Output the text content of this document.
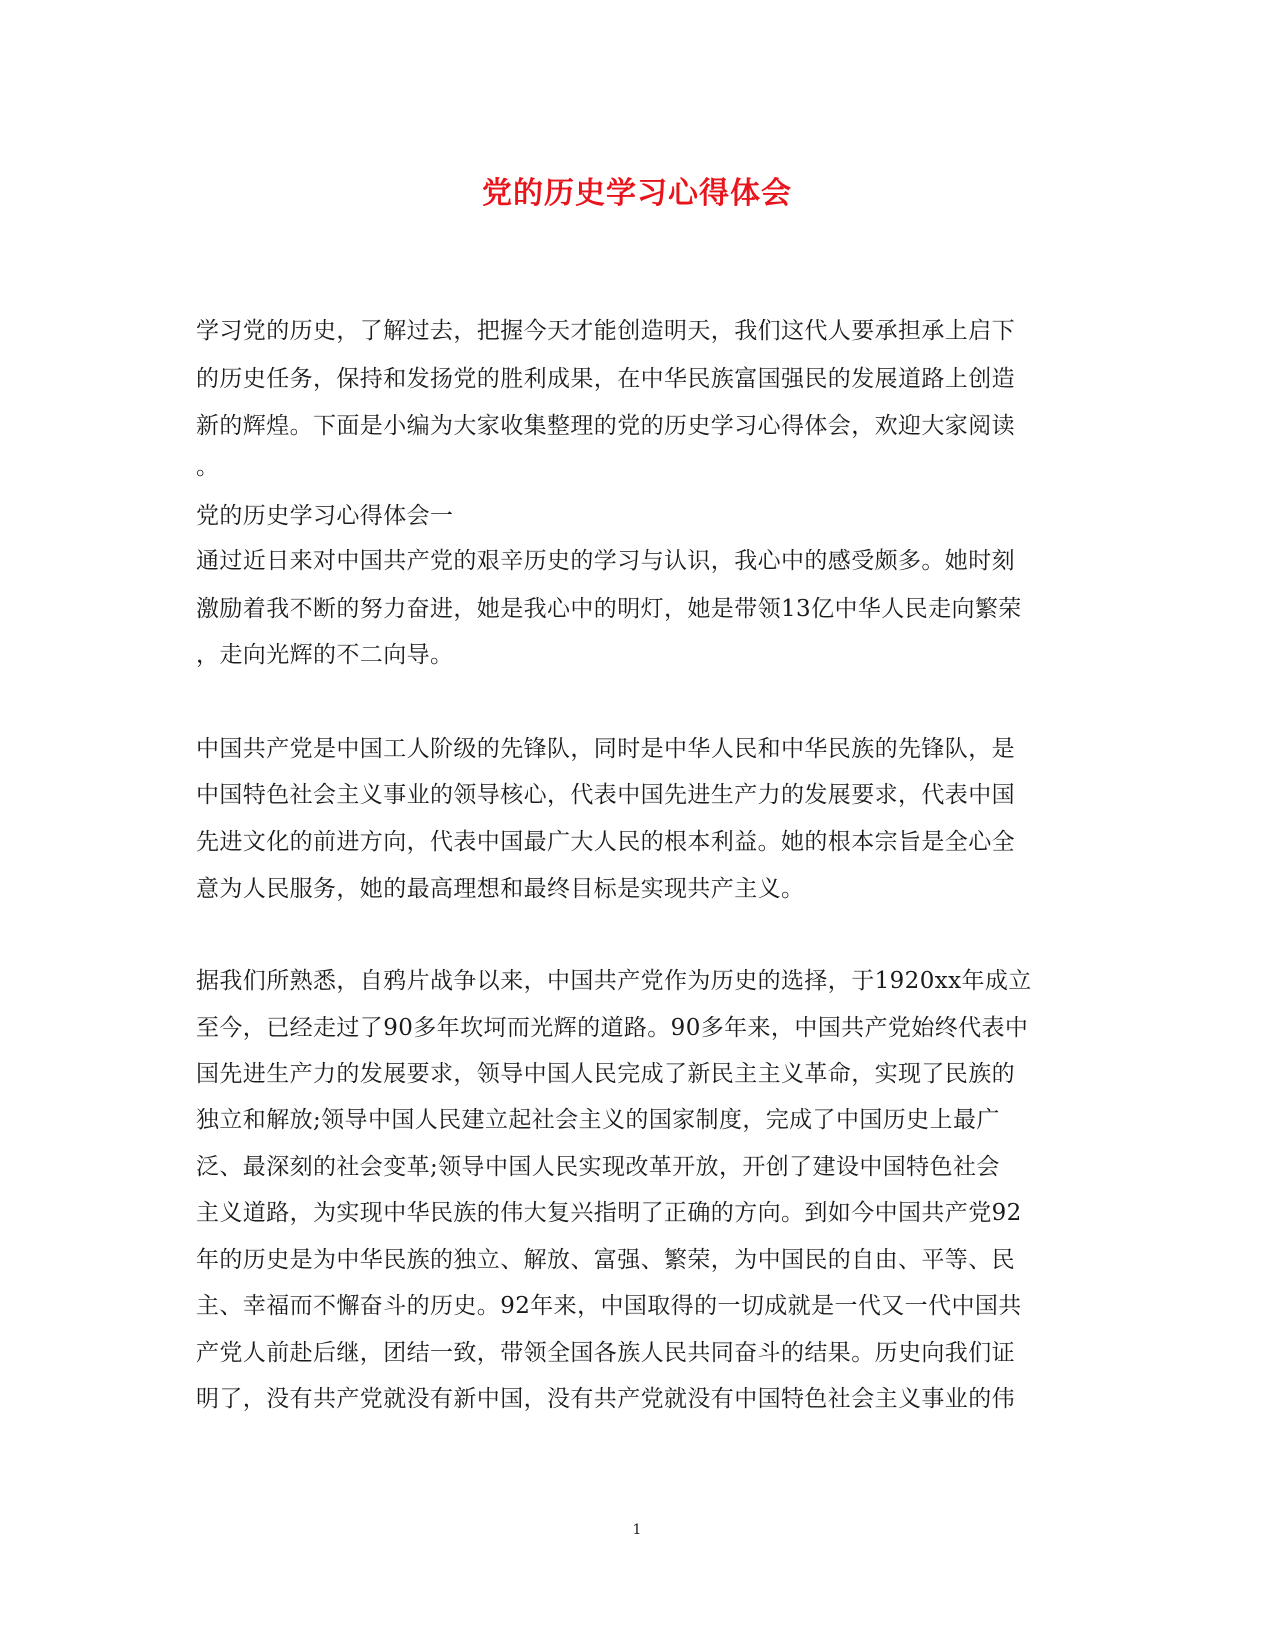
党的历史学习心得体会
学习党的历史，了解过去，把握今天才能创造明天，我们这代人要承担承上启下
的历史任务，保持和发扬党的胜利成果，在中华民族富国强民的发展道路上创造
新的辉煌。下面是小编为大家收集整理的党的历史学习心得体会，欢迎大家阅读
。
党的历史学习心得体会一
通过近日来对中国共产党的艰辛历史的学习与认识，我心中的感受颇多。她时刻
激励着我不断的努力奋进，她是我心中的明灯，她是带领13亿中华人民走向繁荣
，走向光辉的不二向导。
中国共产党是中国工人阶级的先锋队，同时是中华人民和中华民族的先锋队，是
中国特色社会主义事业的领导核心，代表中国先进生产力的发展要求，代表中国
先进文化的前进方向，代表中国最广大人民的根本利益。她的根本宗旨是全心全
意为人民服务，她的最高理想和最终目标是实现共产主义。
据我们所熟悉，自鸦片战争以来，中国共产党作为历史的选择，于1920xx年成立
至今，已经走过了90多年坎坷而光辉的道路。90多年来，中国共产党始终代表中
国先进生产力的发展要求，领导中国人民完成了新民主主义革命，实现了民族的
独立和解放;领导中国人民建立起社会主义的国家制度，完成了中国历史上最广
泛、最深刻的社会变革;领导中国人民实现改革开放，开创了建设中国特色社会
主义道路，为实现中华民族的伟大复兴指明了正确的方向。到如今中国共产党92
年的历史是为中华民族的独立、解放、富强、繁荣，为中国民的自由、平等、民
主、幸福而不懈奋斗的历史。92年来，中国取得的一切成就是一代又一代中国共
产党人前赴后继，团结一致，带领全国各族人民共同奋斗的结果。历史向我们证
明了，没有共产党就没有新中国，没有共产党就没有中国特色社会主义事业的伟
1
